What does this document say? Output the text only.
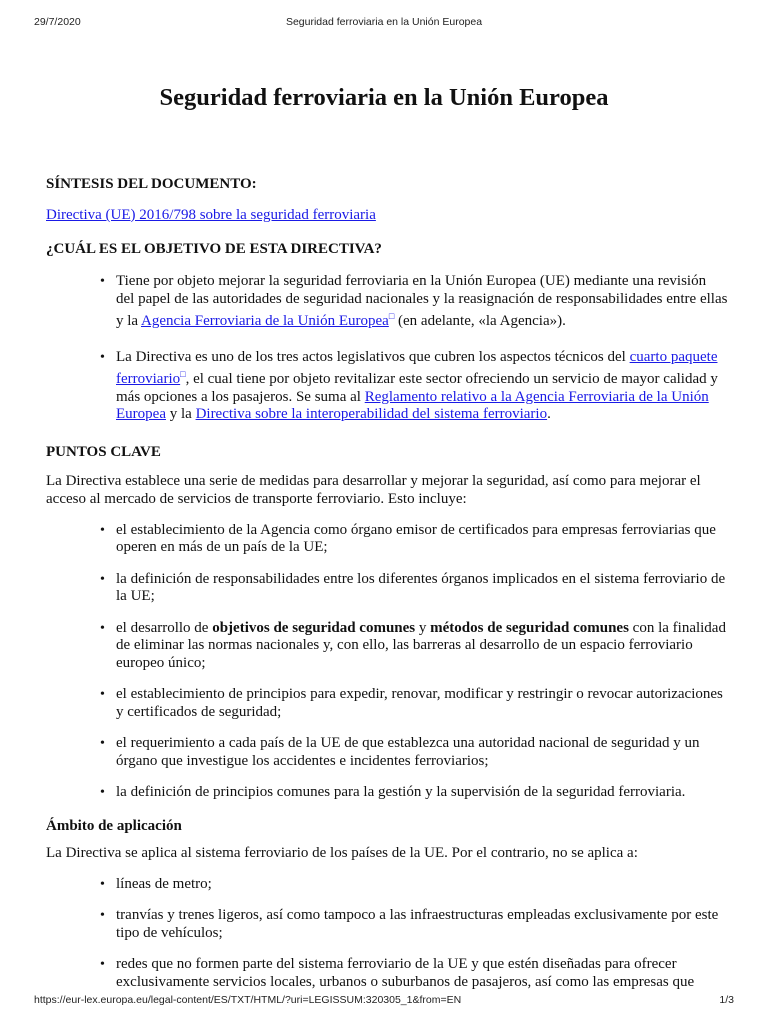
29/7/2020	Seguridad ferroviaria en la Unión Europea
Seguridad ferroviaria en la Unión Europea
SÍNTESIS DEL DOCUMENTO:

Directiva (UE) 2016/798 sobre la seguridad ferroviaria

¿CUÁL ES EL OBJETIVO DE ESTA DIRECTIVA?
• Tiene por objeto mejorar la seguridad ferroviaria en la Unión Europea (UE) mediante una revisión del papel de las autoridades de seguridad nacionales y la reasignación de responsabilidades entre ellas y la Agencia Ferroviaria de la Unión Europea□ (en adelante, «la Agencia»).
• La Directiva es uno de los tres actos legislativos que cubren los aspectos técnicos del cuarto paquete ferroviario□, el cual tiene por objeto revitalizar este sector ofreciendo un servicio de mayor calidad y más opciones a los pasajeros. Se suma al Reglamento relativo a la Agencia Ferroviaria de la Unión Europea y la Directiva sobre la interoperabilidad del sistema ferroviario.
PUNTOS CLAVE

La Directiva establece una serie de medidas para desarrollar y mejorar la seguridad, así como para mejorar el acceso al mercado de servicios de transporte ferroviario. Esto incluye:

• el establecimiento de la Agencia como órgano emisor de certificados para empresas ferroviarias que operen en más de un país de la UE;
• la definición de responsabilidades entre los diferentes órganos implicados en el sistema ferroviario de la UE;
• el desarrollo de objetivos de seguridad comunes y métodos de seguridad comunes con la finalidad de eliminar las normas nacionales y, con ello, las barreras al desarrollo de un espacio ferroviario europeo único;
• el establecimiento de principios para expedir, renovar, modificar y restringir o revocar autorizaciones y certificados de seguridad;
• el requerimiento a cada país de la UE de que establezca una autoridad nacional de seguridad y un órgano que investigue los accidentes e incidentes ferroviarios;
• la definición de principios comunes para la gestión y la supervisión de la seguridad ferroviaria.
Ámbito de aplicación

La Directiva se aplica al sistema ferroviario de los países de la UE. Por el contrario, no se aplica a:

• líneas de metro;
• tranvías y trenes ligeros, así como tampoco a las infraestructuras empleadas exclusivamente por este tipo de vehículos;
• redes que no formen parte del sistema ferroviario de la UE y que estén diseñadas para ofrecer exclusivamente servicios locales, urbanos o suburbanos de pasajeros, así como las empresas que
https://eur-lex.europa.eu/legal-content/ES/TXT/HTML/?uri=LEGISSUM:320305_1&from=EN	1/3
